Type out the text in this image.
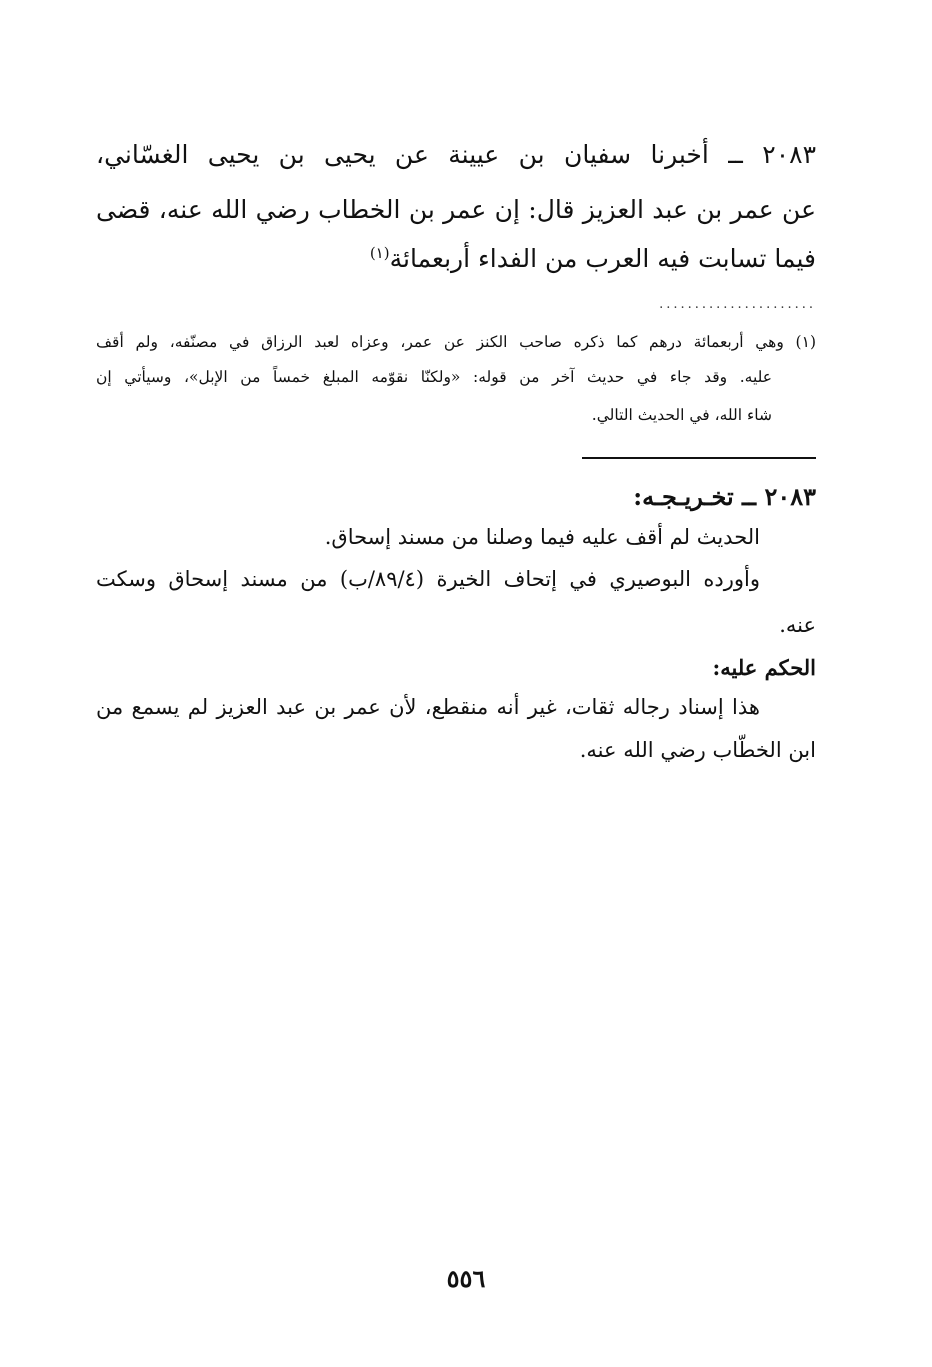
٢٠٨٣ ــ أخبرنا سفيان بن عيينة عن يحيى بن يحيى الغسّاني،
عن عمر بن عبد العزيز قال: إن عمر بن الخطاب رضي الله عنه، قضى
فيما تسابت فيه العرب من الفداء أربعمائة$^{(١)}$
......................
(١) وهي أربعمائة درهم كما ذكره صاحب الكنز عن عمر، وعزاه لعبد الرزاق في مصنّفه، ولم أقف
عليه. وقد جاء في حديث آخر من قوله: «ولكنّا نقوّمه المبلغ خمساً من الإبل»، وسيأتي إن
شاء الله، في الحديث التالي.
٢٠٨٣ ــ تخـريـجـه:
الحديث لم أقف عليه فيما وصلنا من مسند إسحاق.
وأورده البوصيري في إتحاف الخيرة (٨٩/٤/ب) من مسند إسحاق وسكت
عنه.
الحكم عليه:
هذا إسناد رجاله ثقات، غير أنه منقطع، لأن عمر بن عبد العزيز لم يسمع من
ابن الخطّاب رضي الله عنه.
٥٥٦
